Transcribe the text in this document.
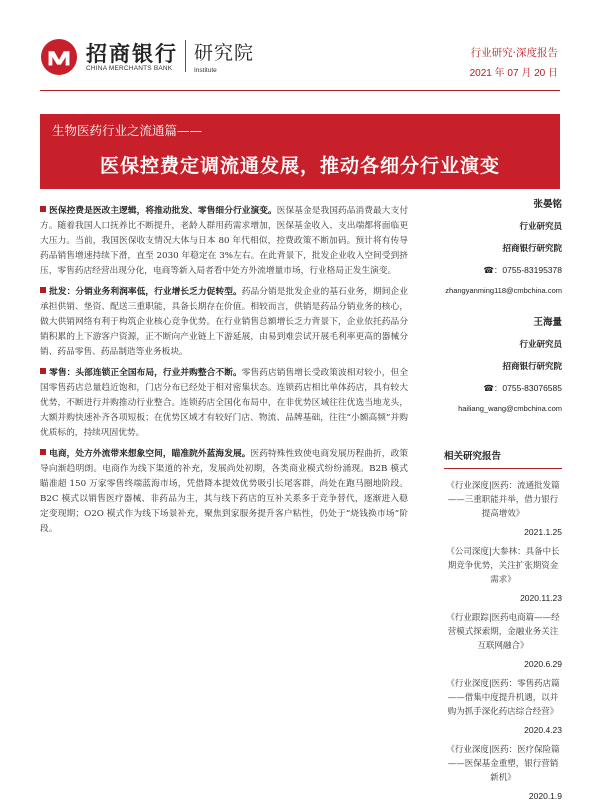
招商银行
CHINA MERCHANTS BANK
研究院
Institute
行业研究·深度报告
2021 年 07 月 20 日
生物医药行业之流通篇——
医保控费定调流通发展，推动各细分行业演变

医保控费是医改主逻辑，将推动批发、零售细分行业演变。医保基金是我国药品消费最大支付方。随着我国人口抚养比不断提升，老龄人群用药需求增加，医保基金收入、支出端都将面临更大压力。当前，我国医保收支情况大体与日本 80 年代相似，控费政策不断加码。预计将有传导药品销售增速持续下滑，直至 2030 年稳定在 3%左右。在此背景下，批发企业收入空间受到挤压，零售药店经营出现分化，电商等新入局者看中处方外流增量市场，行业格局正发生演变。

批发：分销业务利润率低，行业增长乏力促转型。药品分销是批发企业的基石业务，期间企业承担供销、垫资、配送三重职能，具备长期存在价值。相较而言，供销是药品分销业务的核心，做大供销网络有利于构筑企业核心竞争优势。在行业销售总额增长乏力背景下，企业依托药品分销积累的上下游客户资源，正不断向产业链上下游延展，由易到难尝试开展毛利率更高的器械分销、药品零售、药品制造等业务板块。

零售：头部连锁正全国布局，行业并购整合不断。零售药店销售增长受政策波相对较小，但全国零售药店总量趋近饱和，门店分布已经处于相对密集状态。连锁药店相比单体药店，具有较大优势，不断进行并购推动行业整合。连锁药店全国化布局中，在非优势区域往往优选当地龙头，大额并购快速补齐各项短板；在优势区域才有较好门店、物流、品牌基础，往往“小额高频”并购优质标的，持续巩固优势。

电商，处方外流带来想象空间，瞄准院外蓝海发展。医药特殊性致使电商发展历程曲折，政策导向渐趋明朗。电商作为线下渠道的补充，发展尚处初期，各类商业模式纷纷涌现。B2B 模式瞄准超 150 万家零售终端蓝海市场，凭借降本提效优势吸引长尾客群，尚处在跑马圈地阶段。B2C 模式以销售医疗器械、非药品为主，其与线下药店的互补关系多于竞争替代，逐渐进入稳定变现期；O2O 模式作为线下场景补充，聚焦到家服务提升客户粘性，仍处于“烧钱换市场”阶段。

张晏铭
行业研究员
招商银行研究院
☎：0755-83195378
zhangyanming118@cmbchina.com
王海量
行业研究员
招商银行研究院
☎：0755-83076585
hailiang_wang@cmbchina.com
相关研究报告
《行业深度|医药：流通批发篇——三重职能并举，借力银行提高增效》
2021.1.25
《公司深度|大参林：具备中长期竞争优势，关注扩张期资金需求》
2020.11.23
《行业跟踪|医药电商篇——经营模式探索期，金融业务关注互联网融合》
2020.6.29
《行业深度|医药：零售药店篇——借集中度提升机遇，以并购为抓手深化药店综合经营》
2020.4.23
《行业深度|医药：医疗保险篇——医保基金重塑，银行营销新机》
2020.1.9
